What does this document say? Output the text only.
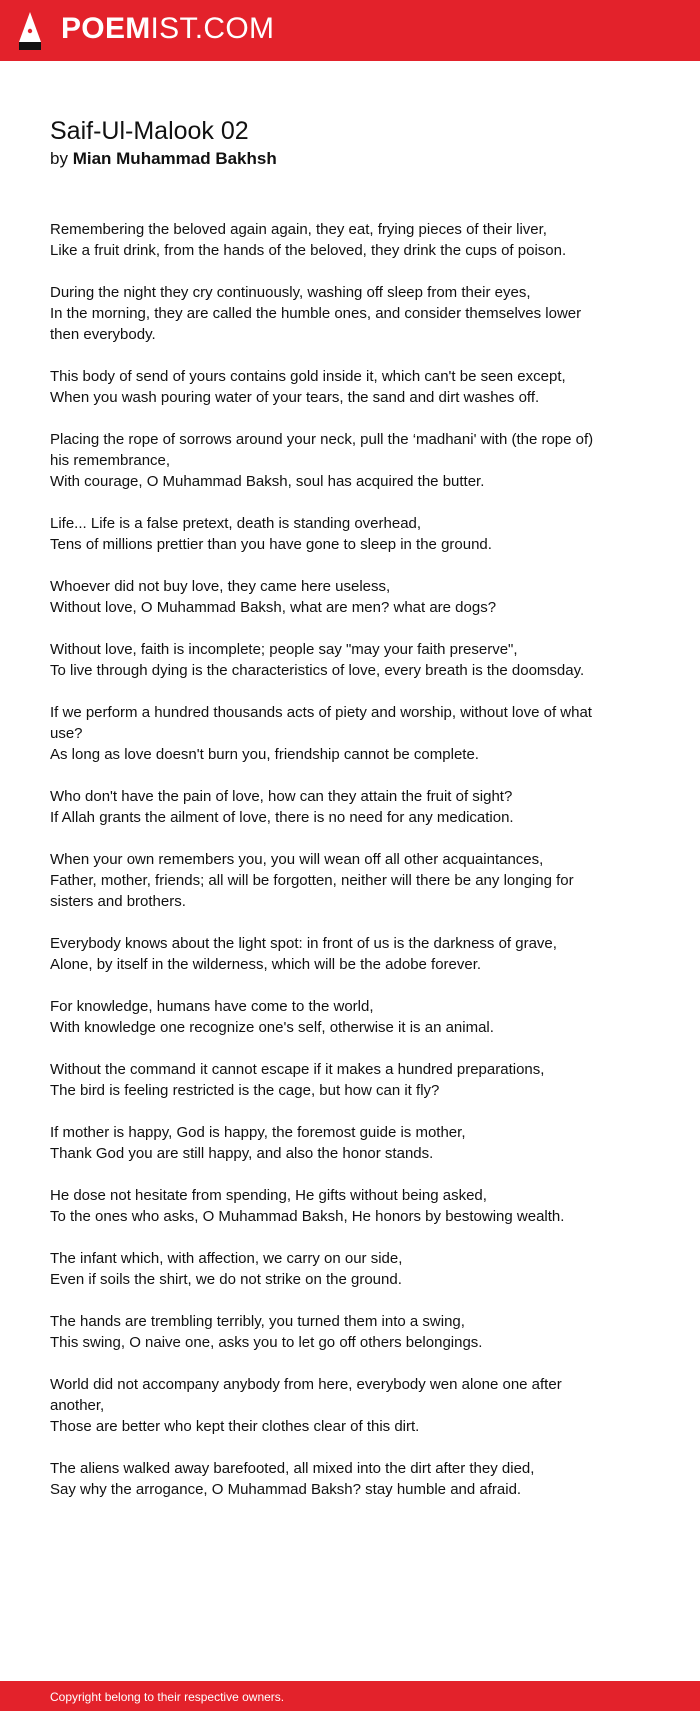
POEMIST.COM
Saif-Ul-Malook 02
by Mian Muhammad Bakhsh
Remembering the beloved again again, they eat, frying pieces of their liver,
Like a fruit drink, from the hands of the beloved, they drink the cups of poison.
During the night they cry continuously, washing off sleep from their eyes,
In the morning, they are called the humble ones, and consider themselves lower then everybody.
This body of send of yours contains gold inside it, which can't be seen except,
When you wash pouring water of your tears, the sand and dirt washes off.
Placing the rope of sorrows around your neck, pull the ‘madhani' with (the rope of) his remembrance,
With courage, O Muhammad Baksh, soul has acquired the butter.
Life... Life is a false pretext, death is standing overhead,
Tens of millions prettier than you have gone to sleep in the ground.
Whoever did not buy love, they came here useless,
Without love, O Muhammad Baksh, what are men? what are dogs?
Without love, faith is incomplete; people say "may your faith preserve",
To live through dying is the characteristics of love, every breath is the doomsday.
If we perform a hundred thousands acts of piety and worship, without love of what use?
As long as love doesn't burn you, friendship cannot be complete.
Who don't have the pain of love, how can they attain the fruit of sight?
If Allah grants the ailment of love, there is no need for any medication.
When your own remembers you, you will wean off all other acquaintances,
Father, mother, friends; all will be forgotten, neither will there be any longing for sisters and brothers.
Everybody knows about the light spot: in front of us is the darkness of grave,
Alone, by itself in the wilderness, which will be the adobe forever.
For knowledge, humans have come to the world,
With knowledge one recognize one's self, otherwise it is an animal.
Without the command it cannot escape if it makes a hundred preparations,
The bird is feeling restricted is the cage, but how can it fly?
If mother is happy, God is happy, the foremost guide is mother,
Thank God you are still happy, and also the honor stands.
He dose not hesitate from spending, He gifts without being asked,
To the ones who asks, O Muhammad Baksh, He honors by bestowing wealth.
The infant which, with affection, we carry on our side,
Even if soils the shirt, we do not strike on the ground.
The hands are trembling terribly, you turned them into a swing,
This swing, O naive one, asks you to let go off others belongings.
World did not accompany anybody from here, everybody wen alone one after another,
Those are better who kept their clothes clear of this dirt.
The aliens walked away barefooted, all mixed into the dirt after they died,
Say why the arrogance, O Muhammad Baksh? stay humble and afraid.
Copyright belong to their respective owners.
